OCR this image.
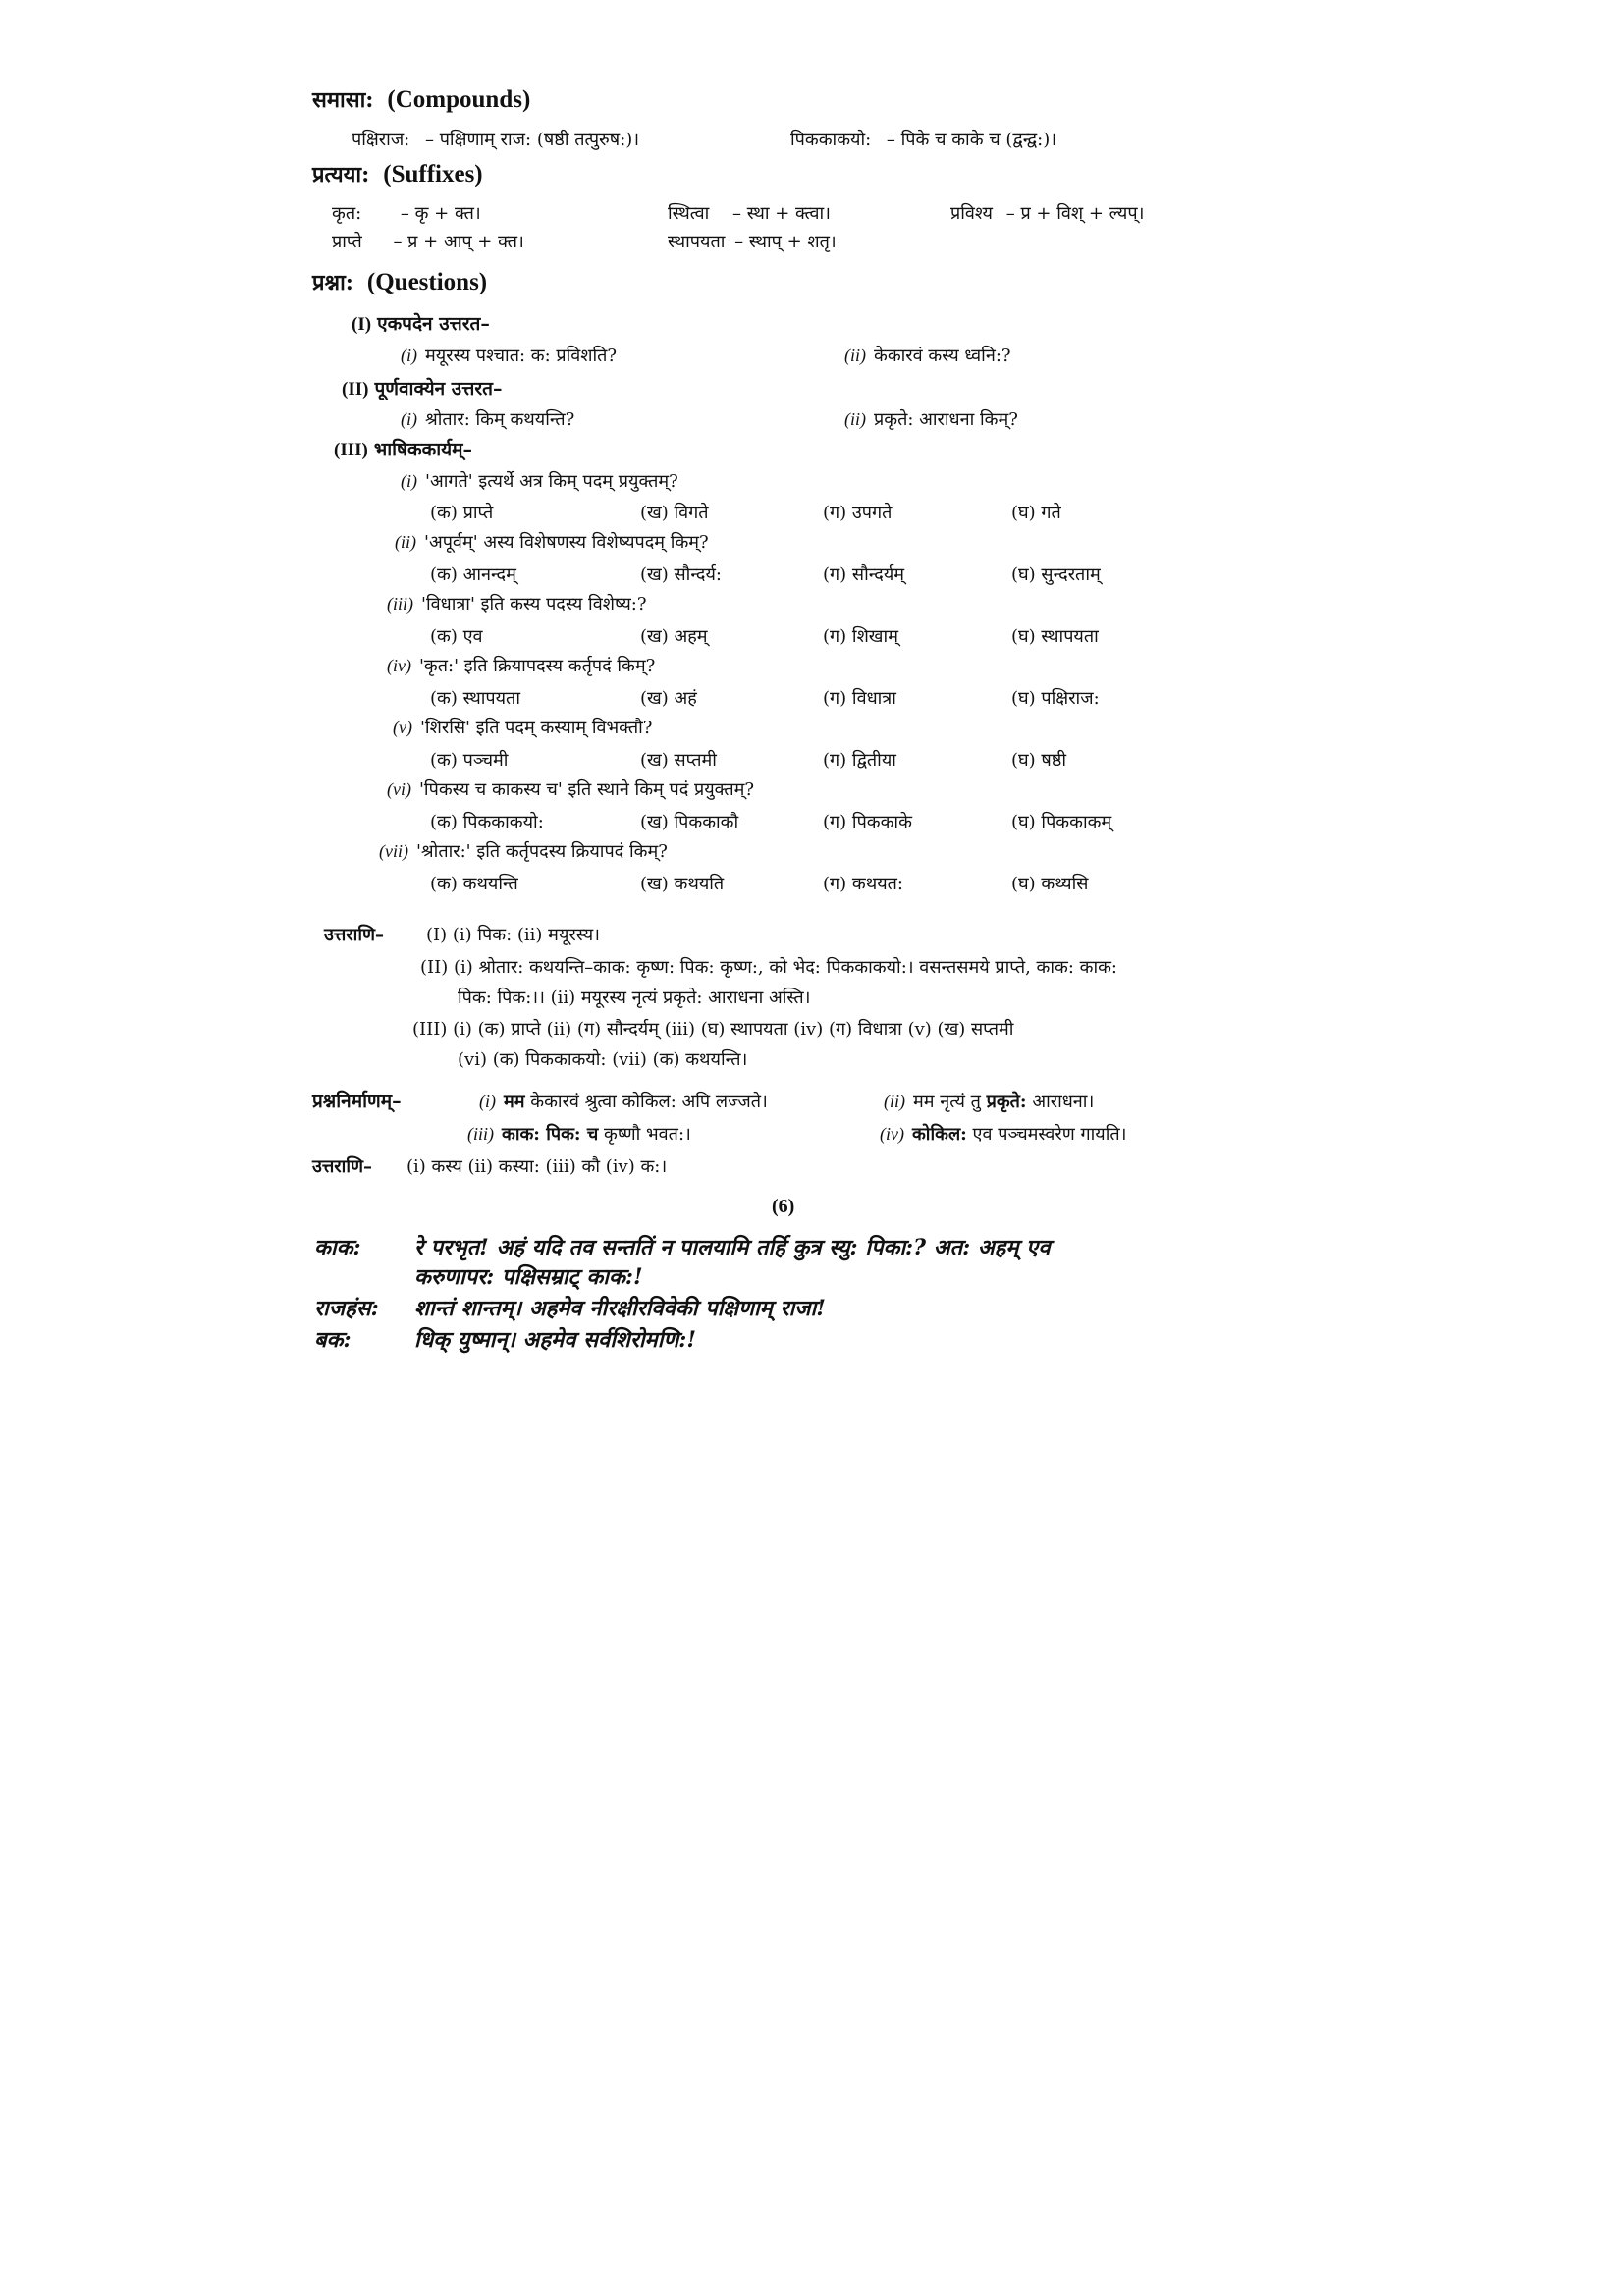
समासा: (Compounds)
पक्षिराज: – पक्षिणाम् राज: (षष्ठी तत्पुरुष:)।	पिककाकयो: – पिके च काके च (द्वन्द्व:)।
प्रत्यया: (Suffixes)
कृत: – कृ + क्त।	स्थित्वा – स्था + क्त्वा।	प्रविश्य – प्र + विश् + ल्यप्।
प्राप्ते – प्र + आप् + क्त।	स्थापयता – स्थाप् + शतृ।
प्रश्ना: (Questions)
(I) एकपदेन उत्तरत–
(i) मयूरस्य पश्चात: क: प्रविशति?	(ii) केकारवं कस्य ध्वनि:?
(II) पूर्णवाक्येन उत्तरत–
(i) श्रोतार: किम् कथयन्ति?	(ii) प्रकृते: आराधना किम्?
(III) भाषिककार्यम्–
(i) 'आगते' इत्यर्थे अत्र किम् पदम् प्रयुक्तम्?
(क) प्राप्ते	(ख) विगते	(ग) उपगते	(घ) गते
(ii) 'अपूर्वम्' अस्य विशेषणस्य विशेष्यपदम् किम्?
(क) आनन्दम्	(ख) सौन्दर्य:	(ग) सौन्दर्यम्	(घ) सुन्दरताम्
(iii) 'विधात्रा' इति कस्य पदस्य विशेष्य:?
(क) एव	(ख) अहम्	(ग) शिखाम्	(घ) स्थापयता
(iv) 'कृत:' इति क्रियापदस्य कर्तृपदं किम्?
(क) स्थापयता	(ख) अहं	(ग) विधात्रा	(घ) पक्षिराज:
(v) 'शिरसि' इति पदम् कस्याम् विभक्तौ?
(क) पञ्चमी	(ख) सप्तमी	(ग) द्वितीया	(घ) षष्ठी
(vi) 'पिकस्य च काकस्य च' इति स्थाने किम् पदं प्रयुक्तम्?
(क) पिककाकयो:	(ख) पिककाकौ	(ग) पिककाके	(घ) पिककाकम्
(vii) 'श्रोतार:' इति कर्तृपदस्य क्रियापदं किम्?
(क) कथयन्ति	(ख) कथयति	(ग) कथयत:	(घ) कथ्यसि
उत्तराणि– (I) (i) पिक: (ii) मयूरस्य।
(II) (i) श्रोतार: कथयन्ति–काक: कृष्ण: पिक: कृष्ण:, को भेद: पिककाकयो:। वसन्तसमये प्राप्ते, काक: काक:
पिक: पिक:।। (ii) मयूरस्य नृत्यं प्रकृते: आराधना अस्ति।
(III) (i) (क) प्राप्ते (ii) (ग) सौन्दर्यम् (iii) (घ) स्थापयता (iv) (ग) विधात्रा (v) (ख) सप्तमी
(vi) (क) पिककाकयो: (vii) (क) कथयन्ति।
प्रश्ननिर्माणम्–	(i) मम केकारवं श्रुत्वा कोकिल: अपि लज्जते।	(ii) मम नृत्यं तु प्रकृते: आराधना।
(iii) काक: पिक: च कृष्णौ भवत:।	(iv) कोकिल: एव पञ्चमस्वरेण गायति।
उत्तराणि– (i) कस्य (ii) कस्या: (iii) कौ (iv) क:।
(6)
काक: रे परभृत! अहं यदि तव सन्ततिं न पालयामि तर्हि कुत्र स्यु: पिका:? अत: अहम् एव
करुणापर: पक्षिसम्राट् काक:!
राजहंस: शान्तं शान्तम्। अहमेव नीरक्षीरविवेकी पक्षिणाम् राजा!
बक:	धिक् युष्मान्। अहमेव सर्वशिरोमणि:!
